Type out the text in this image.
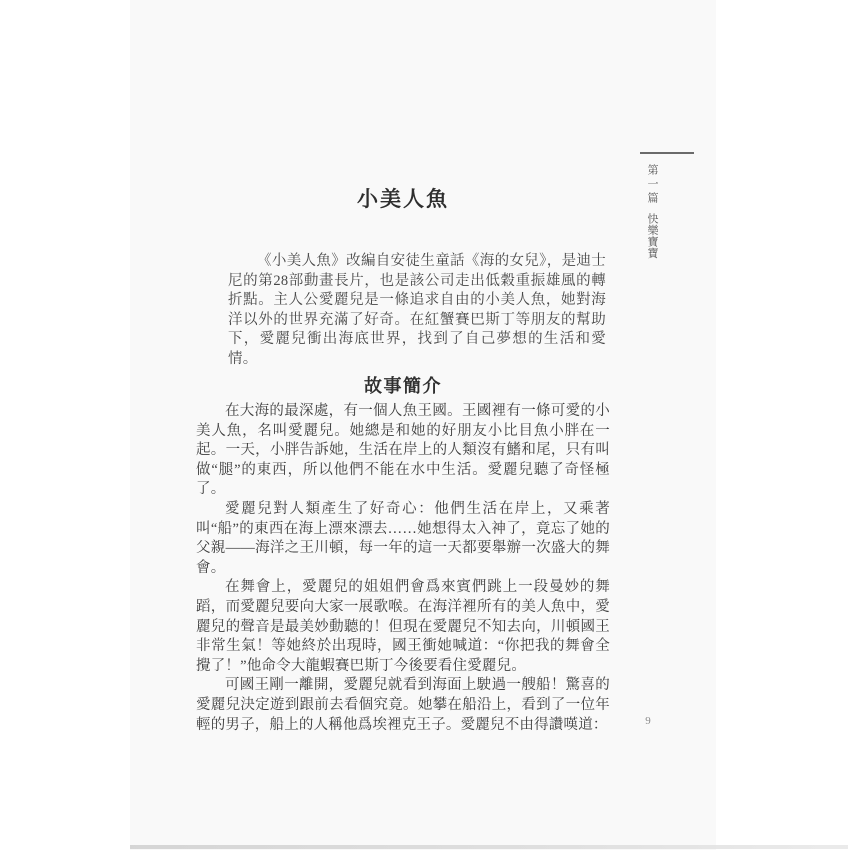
第一篇
快樂寶寶
小美人魚

《小美人魚》改編自安徒生童話《海的女兒》，是迪士尼的第28部動畫長片，也是該公司走出低穀重振雄風的轉折點。主人公愛麗兒是一條追求自由的小美人魚，她對海洋以外的世界充滿了好奇。在紅蟹賽巴斯丁等朋友的幫助下，愛麗兒衝出海底世界，找到了自己夢想的生活和愛情。

故事簡介

在大海的最深處，有一個人魚王國。王國裡有一條可愛的小美人魚，名叫愛麗兒。她總是和她的好朋友小比目魚小胖在一起。一天，小胖告訴她，生活在岸上的人類沒有鰭和尾，只有叫做“腿”的東西，所以他們不能在水中生活。愛麗兒聽了奇怪極了。

愛麗兒對人類產生了好奇心：他們生活在岸上，又乘著叫“船”的東西在海上漂來漂去……她想得太入神了，竟忘了她的父親——海洋之王川頓，每一年的這一天都要舉辦一次盛大的舞會。

在舞會上，愛麗兒的姐姐們會爲來賓們跳上一段曼妙的舞蹈，而愛麗兒要向大家一展歌喉。在海洋裡所有的美人魚中，愛麗兒的聲音是最美妙動聽的！但現在愛麗兒不知去向，川頓國王非常生氣！等她終於出現時，國王衝她喊道：“你把我的舞會全攪了！”他命令大龍蝦賽巴斯丁今後要看住愛麗兒。

可國王剛一離開，愛麗兒就看到海面上駛過一艘船！驚喜的愛麗兒決定遊到跟前去看個究竟。她攀在船沿上，看到了一位年輕的男子，船上的人稱他爲埃裡克王子。愛麗兒不由得讚嘆道：	9
